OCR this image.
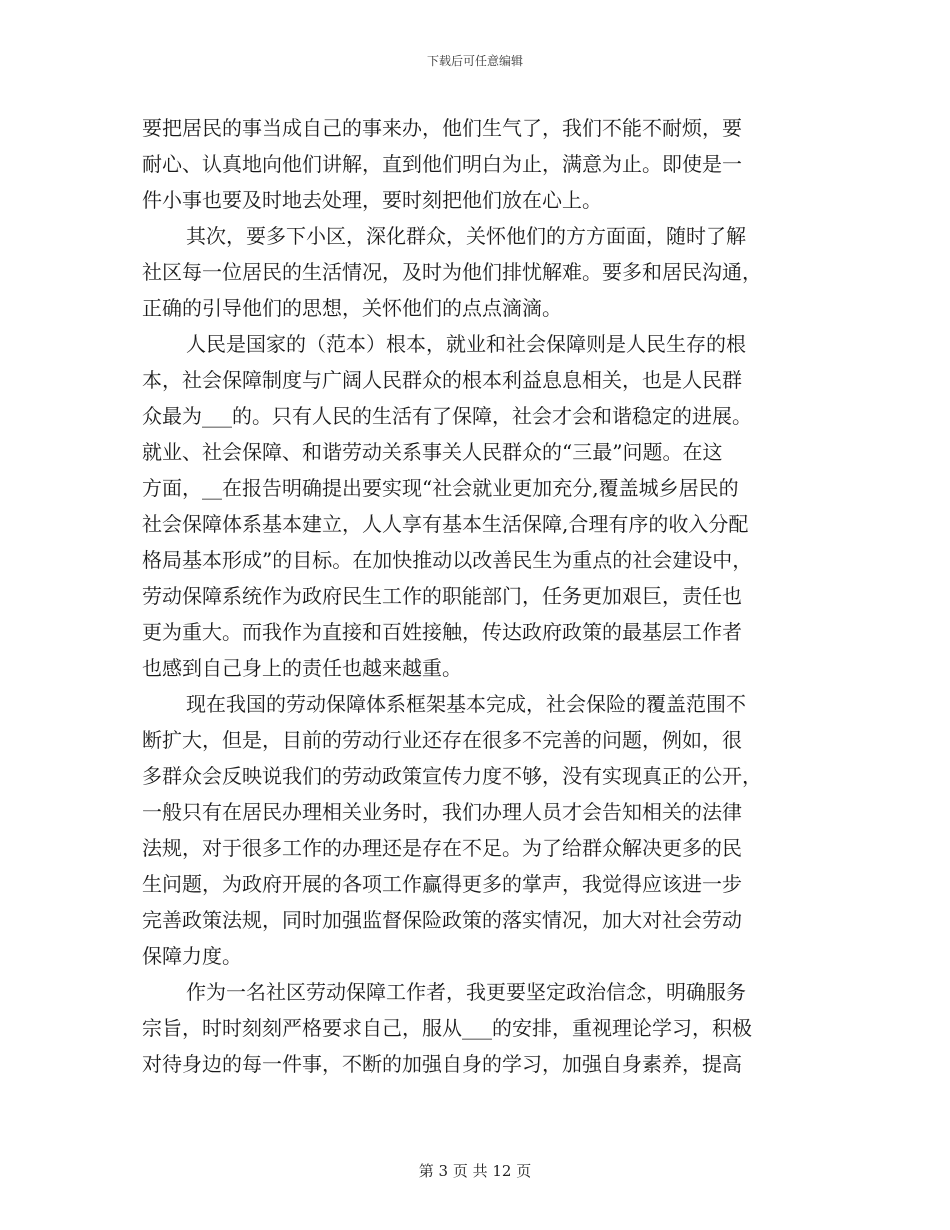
下载后可任意编辑
要把居民的事当成自己的事来办，他们生气了，我们不能不耐烦，要
耐心、认真地向他们讲解，直到他们明白为止，满意为止。即使是一
件小事也要及时地去处理，要时刻把他们放在心上。
其次，要多下小区，深化群众，关怀他们的方方面面，随时了解
社区每一位居民的生活情况，及时为他们排忧解难。要多和居民沟通，
正确的引导他们的思想，关怀他们的点点滴滴。
人民是国家的（范本）根本，就业和社会保障则是人民生存的根
本，社会保障制度与广阔人民群众的根本利益息息相关，也是人民群
众最为___的。只有人民的生活有了保障，社会才会和谐稳定的进展。
就业、社会保障、和谐劳动关系事关人民群众的“三最”问题。在这
方面，__在报告明确提出要实现“社会就业更加充分,覆盖城乡居民的
社会保障体系基本建立，人人享有基本生活保障,合理有序的收入分配
格局基本形成”的目标。在加快推动以改善民生为重点的社会建设中，
劳动保障系统作为政府民生工作的职能部门，任务更加艰巨，责任也
更为重大。而我作为直接和百姓接触，传达政府政策的最基层工作者
也感到自己身上的责任也越来越重。
现在我国的劳动保障体系框架基本完成，社会保险的覆盖范围不
断扩大，但是，目前的劳动行业还存在很多不完善的问题，例如，很
多群众会反映说我们的劳动政策宣传力度不够，没有实现真正的公开，
一般只有在居民办理相关业务时，我们办理人员才会告知相关的法律
法规，对于很多工作的办理还是存在不足。为了给群众解决更多的民
生问题，为政府开展的各项工作赢得更多的掌声，我觉得应该进一步
完善政策法规，同时加强监督保险政策的落实情况，加大对社会劳动
保障力度。
作为一名社区劳动保障工作者，我更要坚定政治信念，明确服务
宗旨，时时刻刻严格要求自己，服从___的安排，重视理论学习，积极
对待身边的每一件事，不断的加强自身的学习，加强自身素养，提高
第 3 页 共 12 页
